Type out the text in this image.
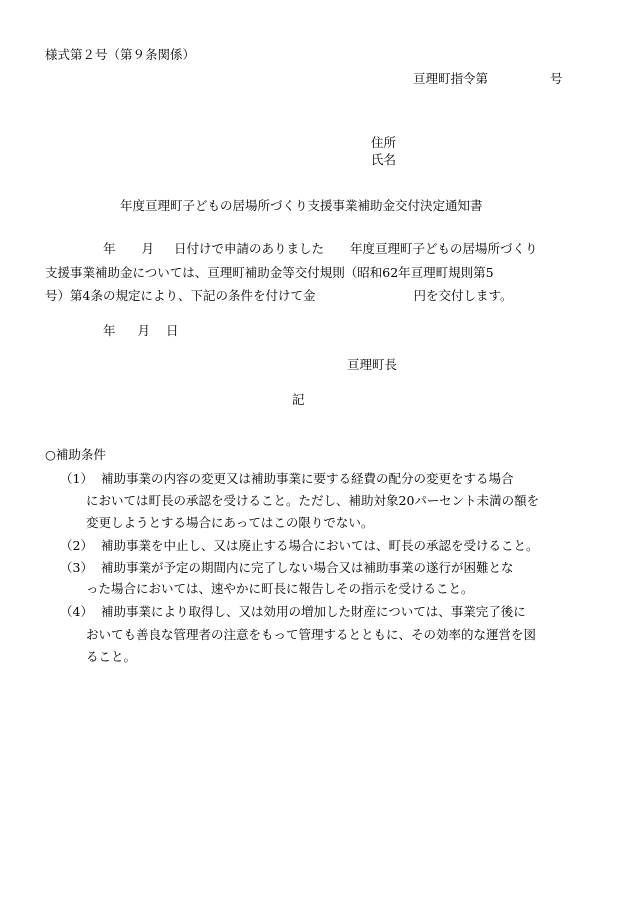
様式第２号（第９条関係）
亘理町指令第	号
住所
氏名
年度亘理町子どもの居場所づくり支援事業補助金交付決定通知書
年 月 日付けで申請のありました 年度亘理町子どもの居場所づくり
支援事業補助金については、亘理町補助金等交付規則（昭和62年亘理町規則第5
号）第4条の規定により、下記の条件を付けて金	円を交付します。
年 月 日
亘理町長
記
○補助条件
（1） 補助事業の内容の変更又は補助事業に要する経費の配分の変更をする場合
においては町長の承認を受けること。ただし、補助対象20パーセント未満の額を
変更しようとする場合にあってはこの限りでない。
（2） 補助事業を中止し、又は廃止する場合においては、町長の承認を受けること。
（3） 補助事業が予定の期間内に完了しない場合又は補助事業の遂行が困難とな
った場合においては、速やかに町長に報告しその指示を受けること。
（4） 補助事業により取得し、又は効用の増加した財産については、事業完了後に
おいても善良な管理者の注意をもって管理するとともに、その効率的な運営を図
ること。
